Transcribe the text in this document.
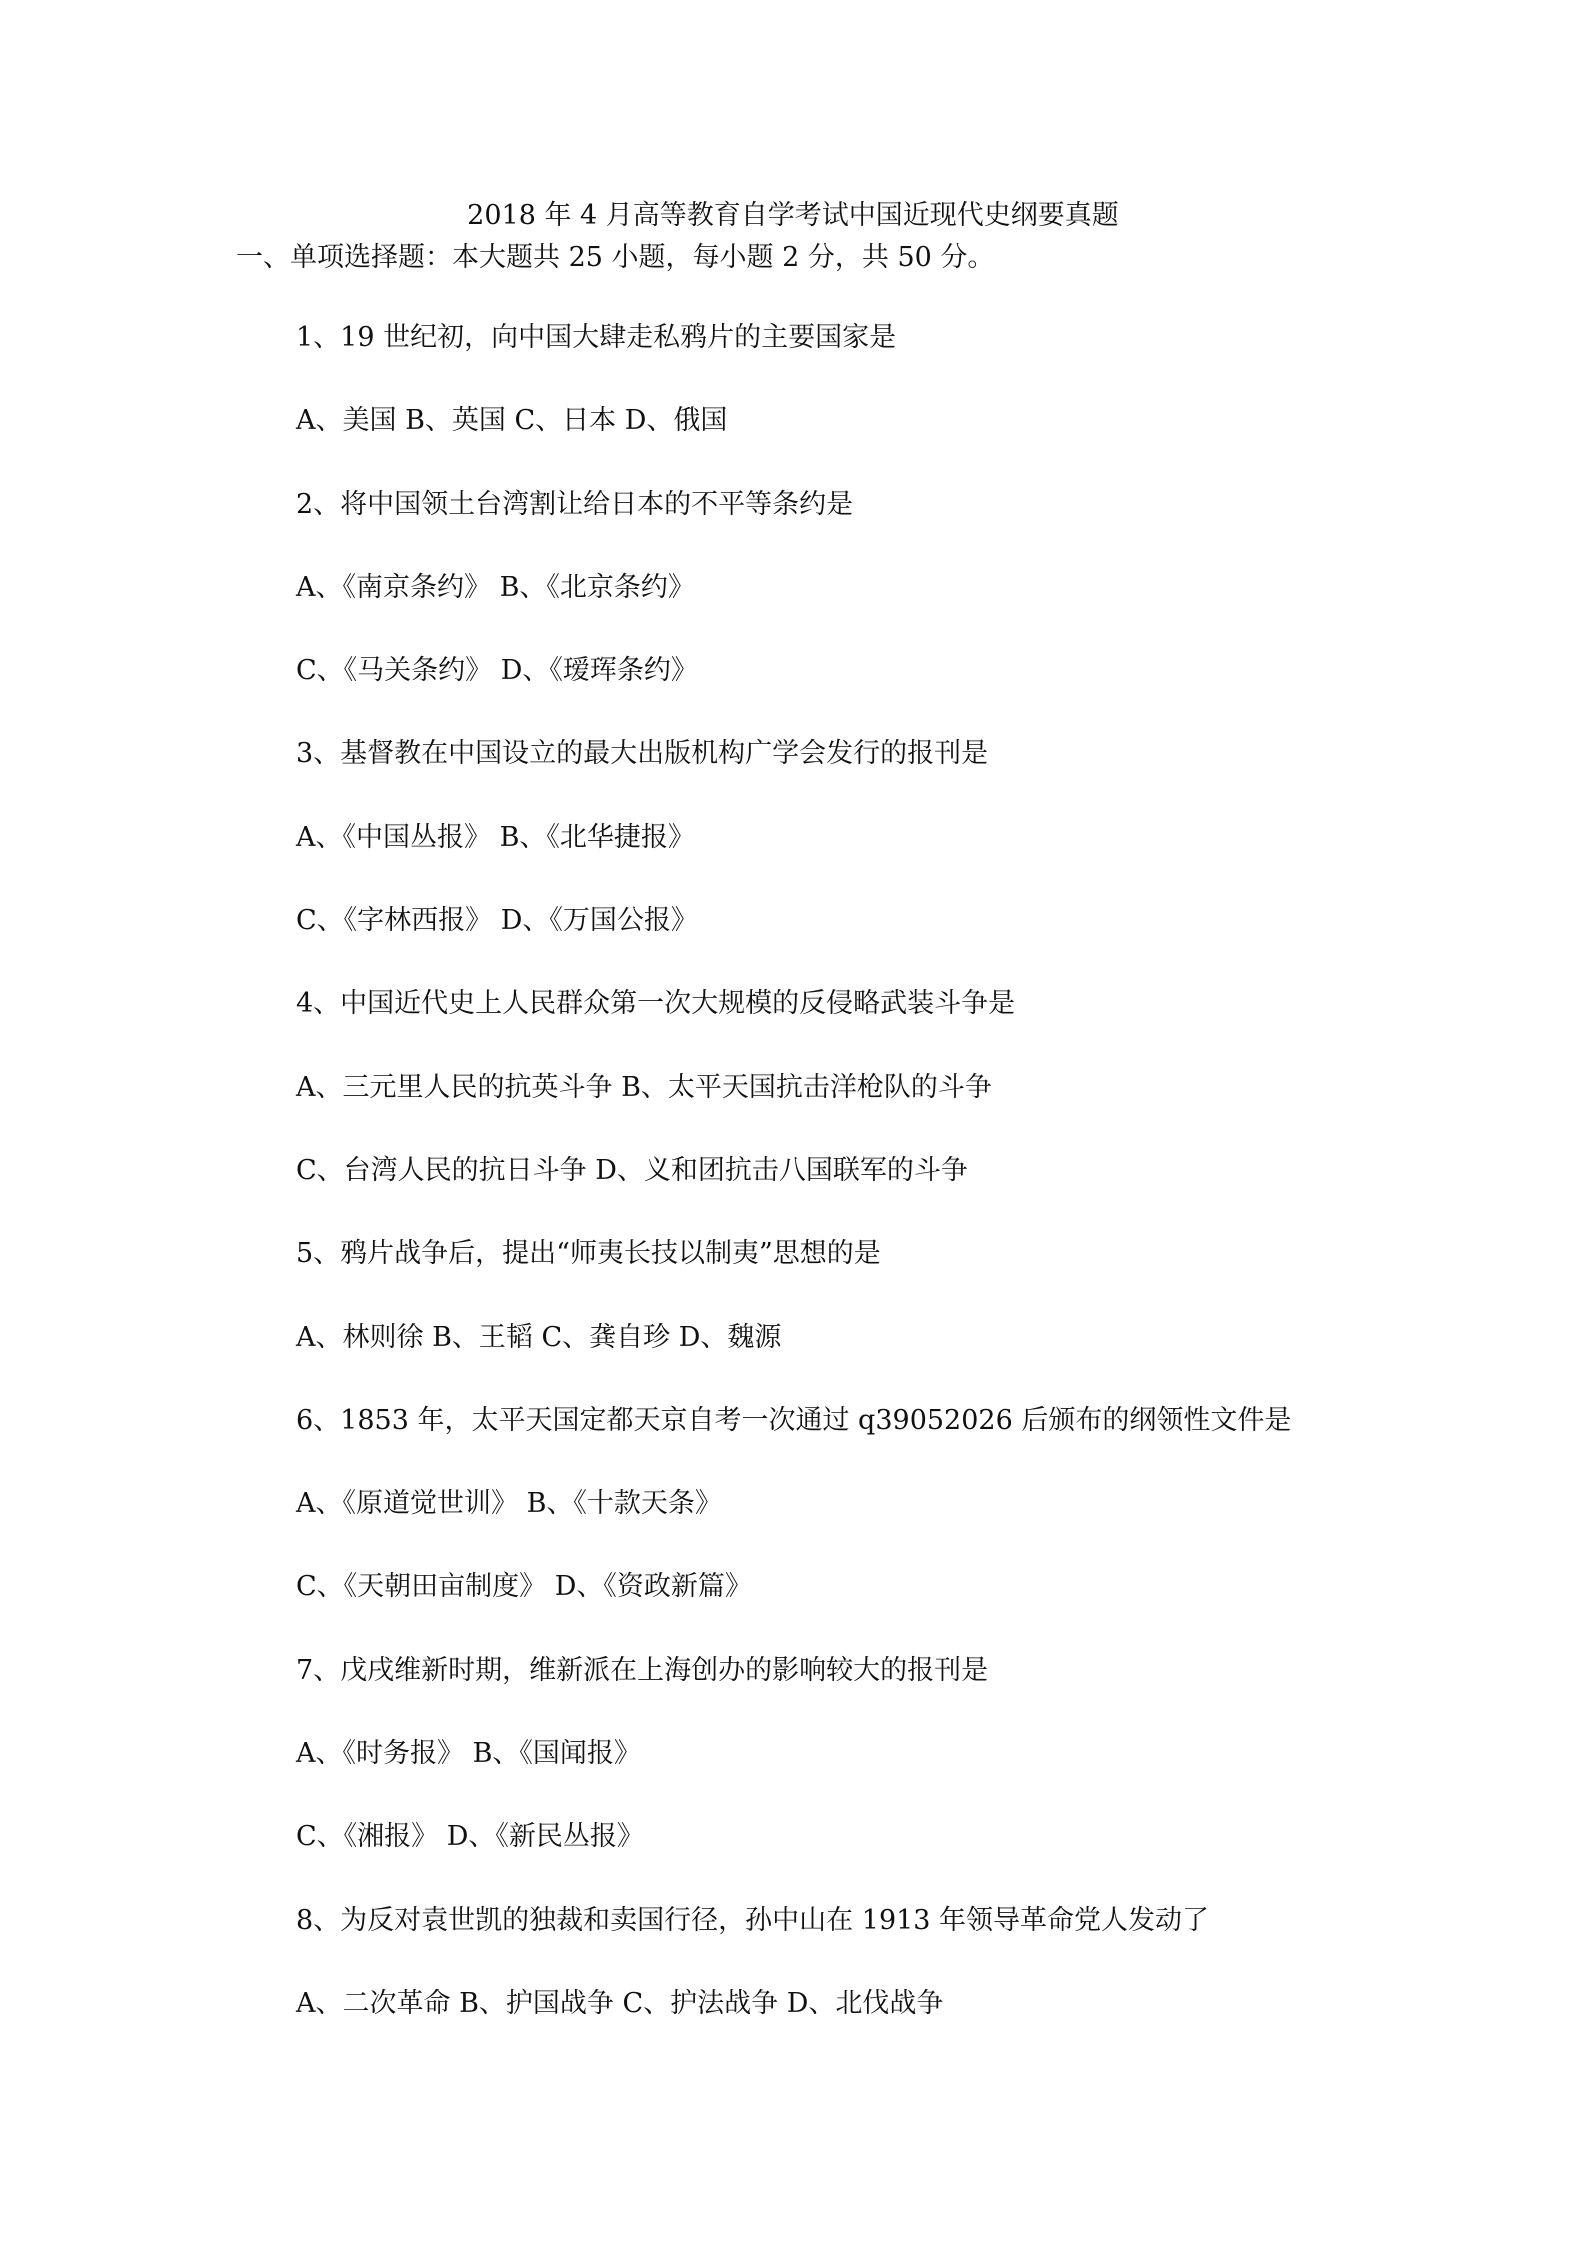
2018 年 4 月高等教育自学考试中国近现代史纲要真题
一、单项选择题：本大题共 25 小题，每小题 2 分，共 50 分。
1、19 世纪初，向中国大肆走私鸦片的主要国家是
A、美国 B、英国 C、日本 D、俄国
2、将中国领土台湾割让给日本的不平等条约是
A、《南京条约》 B、《北京条约》
C、《马关条约》 D、《瑷珲条约》
3、基督教在中国设立的最大出版机构广学会发行的报刊是
A、《中国丛报》 B、《北华捷报》
C、《字林西报》 D、《万国公报》
4、中国近代史上人民群众第一次大规模的反侵略武装斗争是
A、三元里人民的抗英斗争 B、太平天国抗击洋枪队的斗争
C、台湾人民的抗日斗争 D、义和团抗击八国联军的斗争
5、鸦片战争后，提出“师夷长技以制夷”思想的是
A、林则徐 B、王韬 C、龚自珍 D、魏源
6、1853 年，太平天国定都天京自考一次通过 q39052026 后颁布的纲领性文件是
A、《原道觉世训》 B、《十款天条》
C、《天朝田亩制度》 D、《资政新篇》
7、戊戌维新时期，维新派在上海创办的影响较大的报刊是
A、《时务报》 B、《国闻报》
C、《湘报》 D、《新民丛报》
8、为反对袁世凯的独裁和卖国行径，孙中山在 1913 年领导革命党人发动了
A、二次革命 B、护国战争 C、护法战争 D、北伐战争
